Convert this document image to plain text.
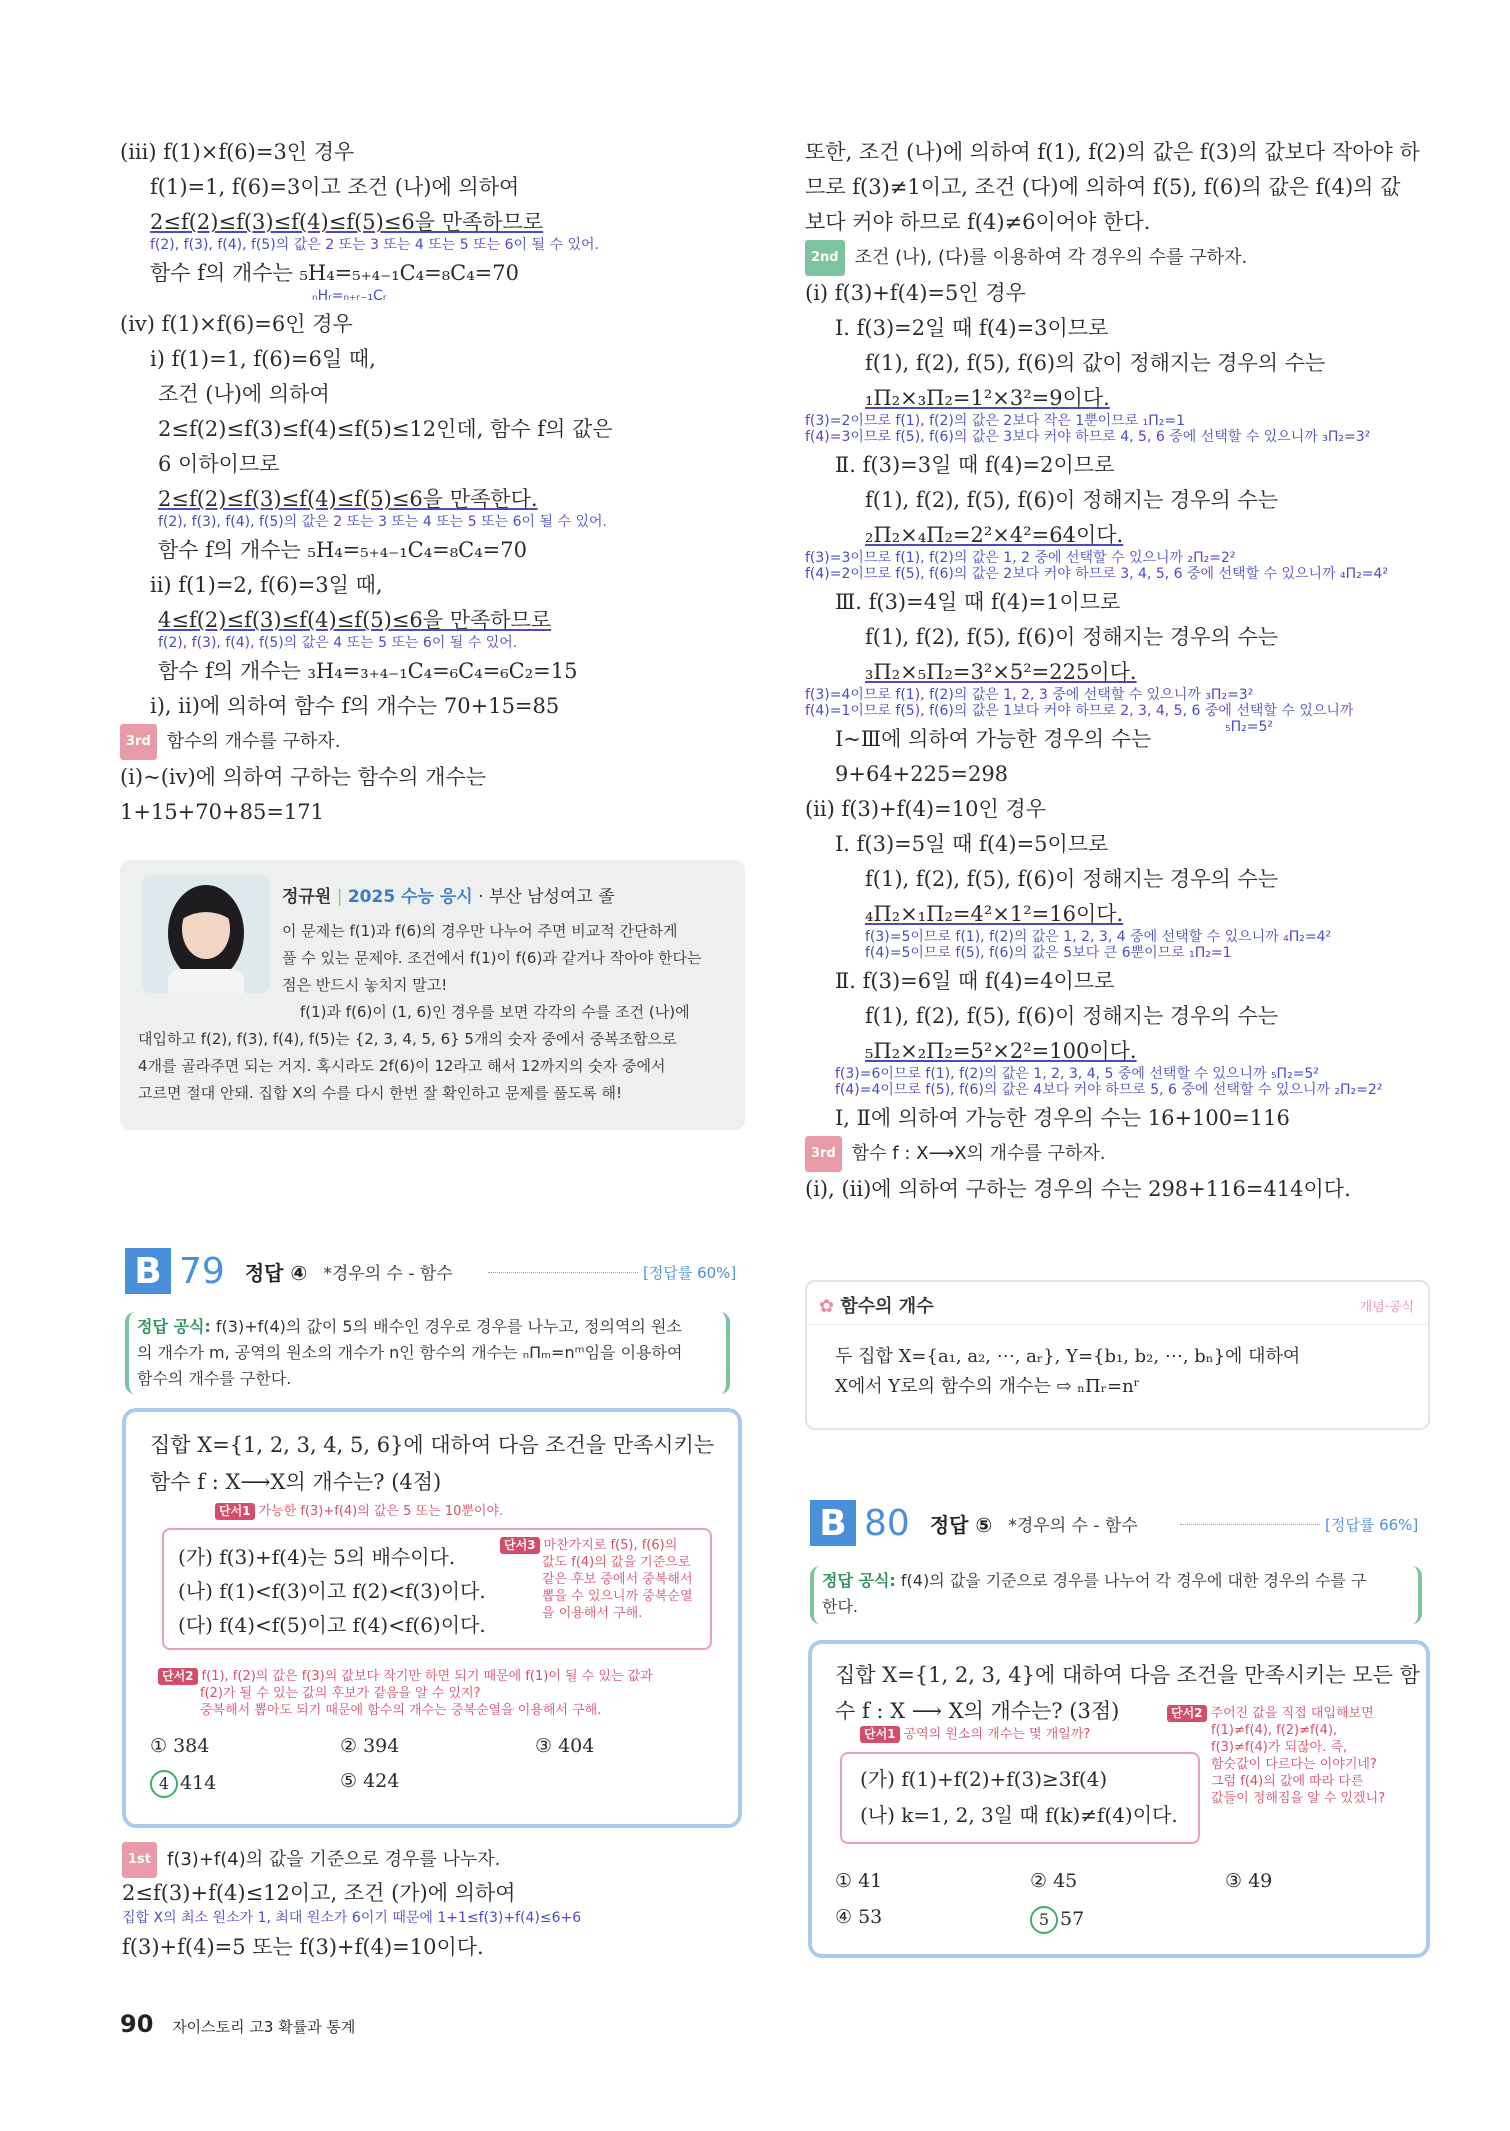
(iii) f(1)×f(6)=3인 경우
f(1)=1, f(6)=3이고 조건 (나)에 의하여
2≤f(2)≤f(3)≤f(4)≤f(5)≤6을 만족하므로
f(2), f(3), f(4), f(5)의 값은 2 또는 3 또는 4 또는 5 또는 6이 될 수 있어.
함수 f의 개수는 ₅H₄=₅₊₄₋₁C₄=₈C₄=70
ₙHᵣ=ₙ₊ᵣ₋₁Cᵣ
(iv) f(1)×f(6)=6인 경우
i) f(1)=1, f(6)=6일 때,
조건 (나)에 의하여
2≤f(2)≤f(3)≤f(4)≤f(5)≤12인데, 함수 f의 값은
6 이하이므로
2≤f(2)≤f(3)≤f(4)≤f(5)≤6을 만족한다.
f(2), f(3), f(4), f(5)의 값은 2 또는 3 또는 4 또는 5 또는 6이 될 수 있어.
함수 f의 개수는 ₅H₄=₅₊₄₋₁C₄=₈C₄=70
ii) f(1)=2, f(6)=3일 때,
4≤f(2)≤f(3)≤f(4)≤f(5)≤6을 만족하므로
f(2), f(3), f(4), f(5)의 값은 4 또는 5 또는 6이 될 수 있어.
함수 f의 개수는 ₃H₄=₃₊₄₋₁C₄=₆C₄=₆C₂=15
i), ii)에 의하여 함수 f의 개수는 70+15=85
3rd 함수의 개수를 구하자.
(i)~(iv)에 의하여 구하는 함수의 개수는
1+15+70+85=171
정규원 | 2025 수능 응시 · 부산 남성여고 졸
이 문제는 f(1)과 f(6)의 경우만 나누어 주면 비교적 간단하게
풀 수 있는 문제야. 조건에서 f(1)이 f(6)과 같거나 작아야 한다는
점은 반드시 놓치지 말고!
f(1)과 f(6)이 (1, 6)인 경우를 보면 각각의 수를 조건 (나)에
대입하고 f(2), f(3), f(4), f(5)는 {2, 3, 4, 5, 6} 5개의 숫자 중에서 중복조합으로
4개를 골라주면 되는 거지. 혹시라도 2f(6)이 12라고 해서 12까지의 숫자 중에서
고르면 절대 안돼. 집합 X의 수를 다시 한번 잘 확인하고 문제를 풀도록 해!
B 79 정답 ④ *경우의 수 - 함수	[정답률 60%]
정답 공식: f(3)+f(4)의 값이 5의 배수인 경우로 경우를 나누고, 정의역의 원소
의 개수가 m, 공역의 원소의 개수가 n인 함수의 개수는 ₙΠₘ=nᵐ임을 이용하여
함수의 개수를 구한다.
집합 X={1, 2, 3, 4, 5, 6}에 대하여 다음 조건을 만족시키는
함수 f : X⟶X의 개수는? (4점)
단서1 가능한 f(3)+f(4)의 값은 5 또는 10뿐이야.
(가) f(3)+f(4)는 5의 배수이다.
(나) f(1)<f(3)이고 f(2)<f(3)이다.
(다) f(4)<f(5)이고 f(4)<f(6)이다.
단서3 마찬가지로 f(5), f(6)의
값도 f(4)의 값을 기준으로
같은 후보 중에서 중복해서
뽑을 수 있으니까 중복순열
을 이용해서 구해.
단서2 f(1), f(2)의 값은 f(3)의 값보다 작기만 하면 되기 때문에 f(1)이 될 수 있는 값과
f(2)가 될 수 있는 값의 후보가 같음을 알 수 있지?
중복해서 뽑아도 되기 때문에 함수의 개수는 중복순열을 이용해서 구해.
① 384	② 394	③ 404
4 414	⑤ 424
1st f(3)+f(4)의 값을 기준으로 경우를 나누자.
2≤f(3)+f(4)≤12이고, 조건 (가)에 의하여
집합 X의 최소 원소가 1, 최대 원소가 6이기 때문에 1+1≤f(3)+f(4)≤6+6
f(3)+f(4)=5 또는 f(3)+f(4)=10이다.
또한, 조건 (나)에 의하여 f(1), f(2)의 값은 f(3)의 값보다 작아야 하
므로 f(3)≠1이고, 조건 (다)에 의하여 f(5), f(6)의 값은 f(4)의 값
보다 커야 하므로 f(4)≠6이어야 한다.
2nd 조건 (나), (다)를 이용하여 각 경우의 수를 구하자.
(i) f(3)+f(4)=5인 경우
Ⅰ. f(3)=2일 때 f(4)=3이므로
f(1), f(2), f(5), f(6)의 값이 정해지는 경우의 수는
₁Π₂×₃Π₂=1²×3²=9이다.
f(3)=2이므로 f(1), f(2)의 값은 2보다 작은 1뿐이므로 ₁Π₂=1
f(4)=3이므로 f(5), f(6)의 값은 3보다 커야 하므로 4, 5, 6 중에 선택할 수 있으니까 ₃Π₂=3²
Ⅱ. f(3)=3일 때 f(4)=2이므로
f(1), f(2), f(5), f(6)이 정해지는 경우의 수는
₂Π₂×₄Π₂=2²×4²=64이다.
f(3)=3이므로 f(1), f(2)의 값은 1, 2 중에 선택할 수 있으니까 ₂Π₂=2²
f(4)=2이므로 f(5), f(6)의 값은 2보다 커야 하므로 3, 4, 5, 6 중에 선택할 수 있으니까 ₄Π₂=4²
Ⅲ. f(3)=4일 때 f(4)=1이므로
f(1), f(2), f(5), f(6)이 정해지는 경우의 수는
₃Π₂×₅Π₂=3²×5²=225이다.
f(3)=4이므로 f(1), f(2)의 값은 1, 2, 3 중에 선택할 수 있으니까 ₃Π₂=3²
f(4)=1이므로 f(5), f(6)의 값은 1보다 커야 하므로 2, 3, 4, 5, 6 중에 선택할 수 있으니까
Ⅰ~Ⅲ에 의하여 가능한 경우의 수는	₅Π₂=5²
9+64+225=298
(ii) f(3)+f(4)=10인 경우
Ⅰ. f(3)=5일 때 f(4)=5이므로
f(1), f(2), f(5), f(6)이 정해지는 경우의 수는
₄Π₂×₁Π₂=4²×1²=16이다.
f(3)=5이므로 f(1), f(2)의 값은 1, 2, 3, 4 중에 선택할 수 있으니까 ₄Π₂=4²
f(4)=5이므로 f(5), f(6)의 값은 5보다 큰 6뿐이므로 ₁Π₂=1
Ⅱ. f(3)=6일 때 f(4)=4이므로
f(1), f(2), f(5), f(6)이 정해지는 경우의 수는
₅Π₂×₂Π₂=5²×2²=100이다.
f(3)=6이므로 f(1), f(2)의 값은 1, 2, 3, 4, 5 중에 선택할 수 있으니까 ₅Π₂=5²
f(4)=4이므로 f(5), f(6)의 값은 4보다 커야 하므로 5, 6 중에 선택할 수 있으니까 ₂Π₂=2²
Ⅰ, Ⅱ에 의하여 가능한 경우의 수는 16+100=116
3rd 함수 f : X⟶X의 개수를 구하자.
(i), (ii)에 의하여 구하는 경우의 수는 298+116=414이다.
✿ 함수의 개수	개념·공식
두 집합 X={a₁, a₂, ⋯, aᵣ}, Y={b₁, b₂, ⋯, bₙ}에 대하여
X에서 Y로의 함수의 개수는 ⇨ ₙΠᵣ=nʳ
B 80 정답 ⑤ *경우의 수 - 함수	[정답률 66%]
정답 공식: f(4)의 값을 기준으로 경우를 나누어 각 경우에 대한 경우의 수를 구
한다.
집합 X={1, 2, 3, 4}에 대하여 다음 조건을 만족시키는 모든 함
수 f : X ⟶ X의 개수는? (3점)
단서1 공역의 원소의 개수는 몇 개일까?
단서2 주어진 값을 직접 대입해보면
f(1)≠f(4), f(2)≠f(4),
f(3)≠f(4)가 되잖아. 즉,
함숫값이 다르다는 이야기네?
그럼 f(4)의 값에 따라 다른
값들이 정해짐을 알 수 있겠니?
(가) f(1)+f(2)+f(3)≥3f(4)
(나) k=1, 2, 3일 때 f(k)≠f(4)이다.
① 41	② 45	③ 49
④ 53	5 57
90 자이스토리 고3 확률과 통계
